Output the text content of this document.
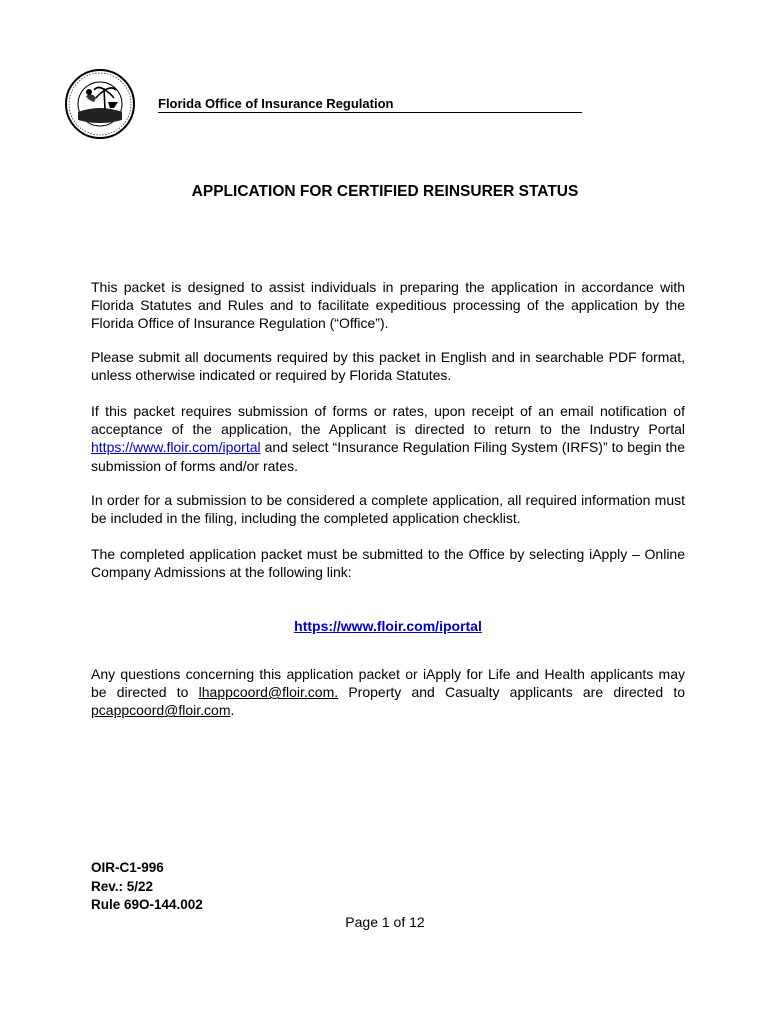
Florida Office of Insurance Regulation
APPLICATION FOR CERTIFIED REINSURER STATUS
This packet is designed to assist individuals in preparing the application in accordance with Florida Statutes and Rules and to facilitate expeditious processing of the application by the Florida Office of Insurance Regulation (“Office”).
Please submit all documents required by this packet in English and in searchable PDF format, unless otherwise indicated or required by Florida Statutes.
If this packet requires submission of forms or rates, upon receipt of an email notification of acceptance of the application, the Applicant is directed to return to the Industry Portal https://www.floir.com/iportal and select “Insurance Regulation Filing System (IRFS)” to begin the submission of forms and/or rates.
In order for a submission to be considered a complete application, all required information must be included in the filing, including the completed application checklist.
The completed application packet must be submitted to the Office by selecting iApply – Online Company Admissions at the following link:
https://www.floir.com/iportal
Any questions concerning this application packet or iApply for Life and Health applicants may be directed to lhappcoord@floir.com. Property and Casualty applicants are directed to pcappcoord@floir.com.
OIR-C1-996
Rev.: 5/22
Rule 69O-144.002
Page 1 of 12
